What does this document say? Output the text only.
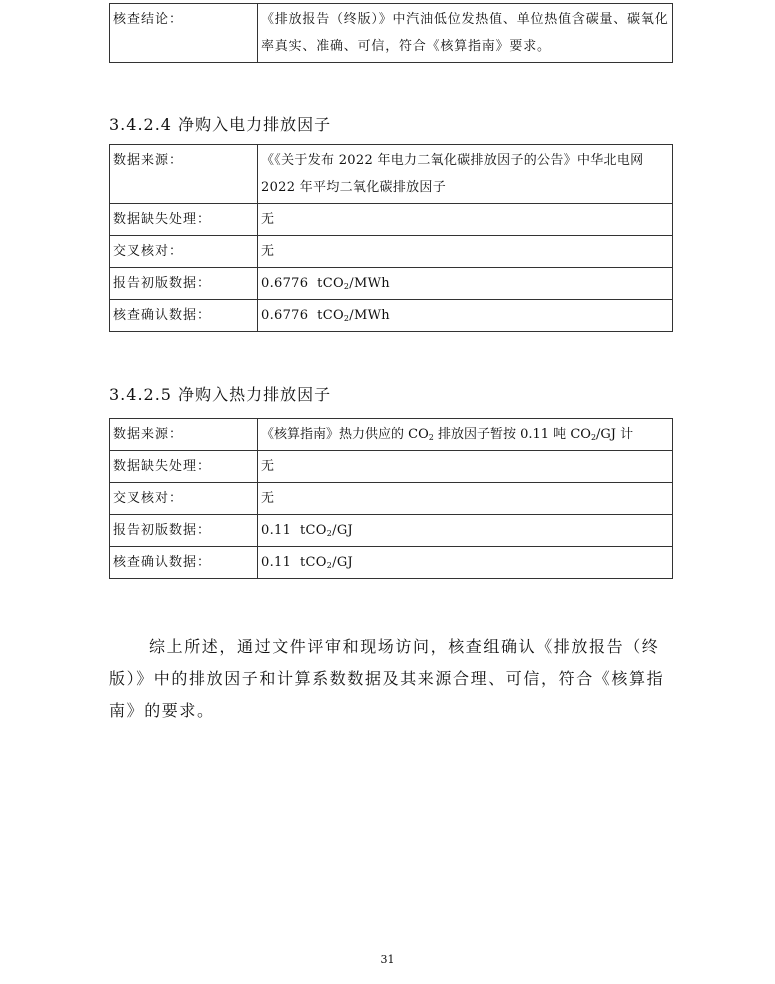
核查结论：	《排放报告（终版）》中汽油低位发热值、单位热值含碳量、碳氧化率真实、准确、可信，符合《核算指南》要求。
3.4.2.4 净购入电力排放因子
数据来源：	《《关于发布 2022 年电力二氧化碳排放因子的公告》中华北电网 2022 年平均二氧化碳排放因子
数据缺失处理：	无
交叉核对：	无
报告初版数据：	0.6776 tCO$_2$/MWh
核查确认数据：	0.6776 tCO$_2$/MWh
3.4.2.5 净购入热力排放因子
数据来源：	《核算指南》热力供应的 $CO_2$ 排放因子暂按 0.11 吨 $CO_2/GJ$ 计
数据缺失处理：	无
交叉核对：	无
报告初版数据：	0.11 tCO$_2$/GJ
核查确认数据：	0.11 tCO$_2$/GJ

综上所述，通过文件评审和现场访问，核查组确认《排放报告（终版）》中的排放因子和计算系数数据及其来源合理、可信，符合《核算指南》的要求。

31
